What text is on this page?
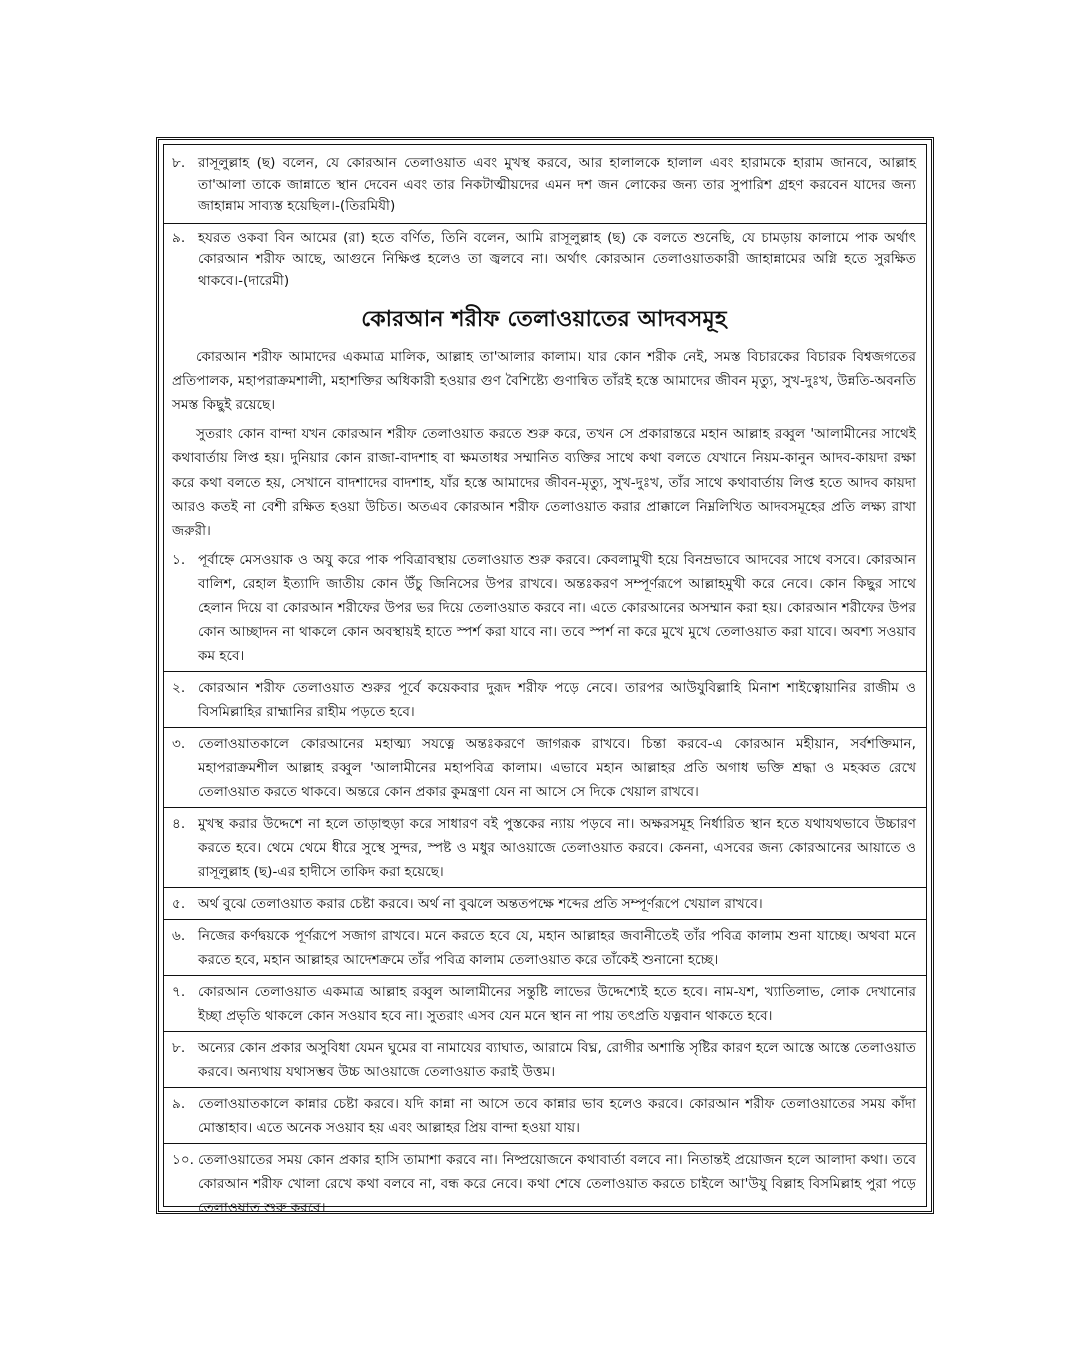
৮. রাসূলুল্লাহ (ছ) বলেন, যে কোরআন তেলাওয়াত এবং মুখস্থ করবে, আর হালালকে হালাল এবং হারামকে হারাম জানবে, আল্লাহ তা'আলা তাকে জান্নাতে স্থান দেবেন এবং তার নিকটাত্মীয়দের এমন দশ জন লোকের জন্য তার সুপারিশ গ্রহণ করবেন যাদের জন্য জাহান্নাম সাব্যস্ত হয়েছিল।-(তিরমিযী)
৯. হযরত ওকবা বিন আমের (রা) হতে বর্ণিত, তিনি বলেন, আমি রাসূলুল্লাহ (ছ) কে বলতে শুনেছি, যে চামড়ায় কালামে পাক অর্থাৎ কোরআন শরীফ আছে, আগুনে নিক্ষিপ্ত হলেও তা জ্বলবে না। অর্থাৎ কোরআন তেলাওয়াতকারী জাহান্নামের অগ্নি হতে সুরক্ষিত থাকবে।-(দারেমী)
কোরআন শরীফ তেলাওয়াতের আদবসমূহ

কোরআন শরীফ আমাদের একমাত্র মালিক, আল্লাহ তা'আলার কালাম। যার কোন শরীক নেই, সমস্ত বিচারকের বিচারক বিশ্বজগতের প্রতিপালক, মহাপরাক্রমশালী, মহাশক্তির অধিকারী হওয়ার গুণ বৈশিষ্ট্যে গুণান্বিত তাঁরই হস্তে আমাদের জীবন মৃত্যু, সুখ-দুঃখ, উন্নতি-অবনতি সমস্ত কিছুই রয়েছে।

সুতরাং কোন বান্দা যখন কোরআন শরীফ তেলাওয়াত করতে শুরু করে, তখন সে প্রকারান্তরে মহান আল্লাহ রব্বুল 'আলামীনের সাথেই কথাবার্তায় লিপ্ত হয়। দুনিয়ার কোন রাজা-বাদশাহ বা ক্ষমতাধর সম্মানিত ব্যক্তির সাথে কথা বলতে যেখানে নিয়ম-কানুন আদব-কায়দা রক্ষা করে কথা বলতে হয়, সেখানে বাদশাদের বাদশাহ, যাঁর হস্তে আমাদের জীবন-মৃত্যু, সুখ-দুঃখ, তাঁর সাথে কথাবার্তায় লিপ্ত হতে আদব কায়দা আরও কতই না বেশী রক্ষিত হওয়া উচিত। অতএব কোরআন শরীফ তেলাওয়াত করার প্রাক্কালে নিম্নলিখিত আদবসমূহের প্রতি লক্ষ্য রাখা জরুরী।

১. পূর্বাহ্নে মেসওয়াক ও অযু করে পাক পবিত্রাবস্থায় তেলাওয়াত শুরু করবে। কেবলামুখী হয়ে বিনম্রভাবে আদবের সাথে বসবে। কোরআন বালিশ, রেহাল ইত্যাদি জাতীয় কোন উঁচু জিনিসের উপর রাখবে। অন্তঃকরণ সম্পূর্ণরূপে আল্লাহমুখী করে নেবে। কোন কিছুর সাথে হেলান দিয়ে বা কোরআন শরীফের উপর ভর দিয়ে তেলাওয়াত করবে না। এতে কোরআনের অসম্মান করা হয়। কোরআন শরীফের উপর কোন আচ্ছাদন না থাকলে কোন অবস্থায়ই হাতে স্পর্শ করা যাবে না। তবে স্পর্শ না করে মুখে মুখে তেলাওয়াত করা যাবে। অবশ্য সওয়াব কম হবে।
২. কোরআন শরীফ তেলাওয়াত শুরুর পূর্বে কয়েকবার দুরূদ শরীফ পড়ে নেবে। তারপর আউযুবিল্লাহি মিনাশ শাইত্বোয়ানির রাজীম ও বিসমিল্লাহির রাহ্মানির রাহীম পড়তে হবে।
৩. তেলাওয়াতকালে কোরআনের মহাত্ম্য সযত্নে অন্তঃকরণে জাগরূক রাখবে। চিন্তা করবে-এ কোরআন মহীয়ান, সর্বশক্তিমান, মহাপরাক্রমশীল আল্লাহ রব্বুল 'আলামীনের মহাপবিত্র কালাম। এভাবে মহান আল্লাহর প্রতি অগাধ ভক্তি শ্রদ্ধা ও মহব্বত রেখে তেলাওয়াত করতে থাকবে। অন্তরে কোন প্রকার কুমন্ত্রণা যেন না আসে সে দিকে খেয়াল রাখবে।
৪. মুখস্থ করার উদ্দেশে না হলে তাড়াহুড়া করে সাধারণ বই পুস্তকের ন্যায় পড়বে না। অক্ষরসমূহ নির্ধারিত স্থান হতে যথাযথভাবে উচ্চারণ করতে হবে। থেমে থেমে ধীরে সুস্থে সুন্দর, স্পষ্ট ও মধুর আওয়াজে তেলাওয়াত করবে। কেননা, এসবের জন্য কোরআনের আয়াতে ও রাসূলুল্লাহ (ছ)-এর হাদীসে তাকিদ করা হয়েছে।
৫. অর্থ বুঝে তেলাওয়াত করার চেষ্টা করবে। অর্থ না বুঝলে অন্ততপক্ষে শব্দের প্রতি সম্পূর্ণরূপে খেয়াল রাখবে।
৬. নিজের কর্ণদ্বয়কে পূর্ণরূপে সজাগ রাখবে। মনে করতে হবে যে, মহান আল্লাহর জবানীতেই তাঁর পবিত্র কালাম শুনা যাচ্ছে। অথবা মনে করতে হবে, মহান আল্লাহর আদেশক্রমে তাঁর পবিত্র কালাম তেলাওয়াত করে তাঁকেই শুনানো হচ্ছে।
৭. কোরআন তেলাওয়াত একমাত্র আল্লাহ রব্বুল আলামীনের সন্তুষ্টি লাভের উদ্দেশ্যেই হতে হবে। নাম-যশ, খ্যাতিলাভ, লোক দেখানোর ইচ্ছা প্রভৃতি থাকলে কোন সওয়াব হবে না। সুতরাং এসব যেন মনে স্থান না পায় তৎপ্রতি যত্নবান থাকতে হবে।
৮. অন্যের কোন প্রকার অসুবিধা যেমন ঘুমের বা নামাযের ব্যাঘাত, আরামে বিঘ্ন, রোগীর অশান্তি সৃষ্টির কারণ হলে আস্তে আস্তে তেলাওয়াত করবে। অন্যথায় যথাসম্ভব উচ্চ আওয়াজে তেলাওয়াত করাই উত্তম।
৯. তেলাওয়াতকালে কান্নার চেষ্টা করবে। যদি কান্না না আসে তবে কান্নার ভাব হলেও করবে। কোরআন শরীফ তেলাওয়াতের সময় কাঁদা মোস্তাহাব। এতে অনেক সওয়াব হয় এবং আল্লাহর প্রিয় বান্দা হওয়া যায়।
১০. তেলাওয়াতের সময় কোন প্রকার হাসি তামাশা করবে না। নিষ্প্রয়োজনে কথাবার্তা বলবে না। নিতান্তই প্রয়োজন হলে আলাদা কথা। তবে কোরআন শরীফ খোলা রেখে কথা বলবে না, বন্ধ করে নেবে। কথা শেষে তেলাওয়াত করতে চাইলে আ'উযু বিল্লাহ বিসমিল্লাহ পুরা পড়ে তেলাওয়াত শুরু করবে।
